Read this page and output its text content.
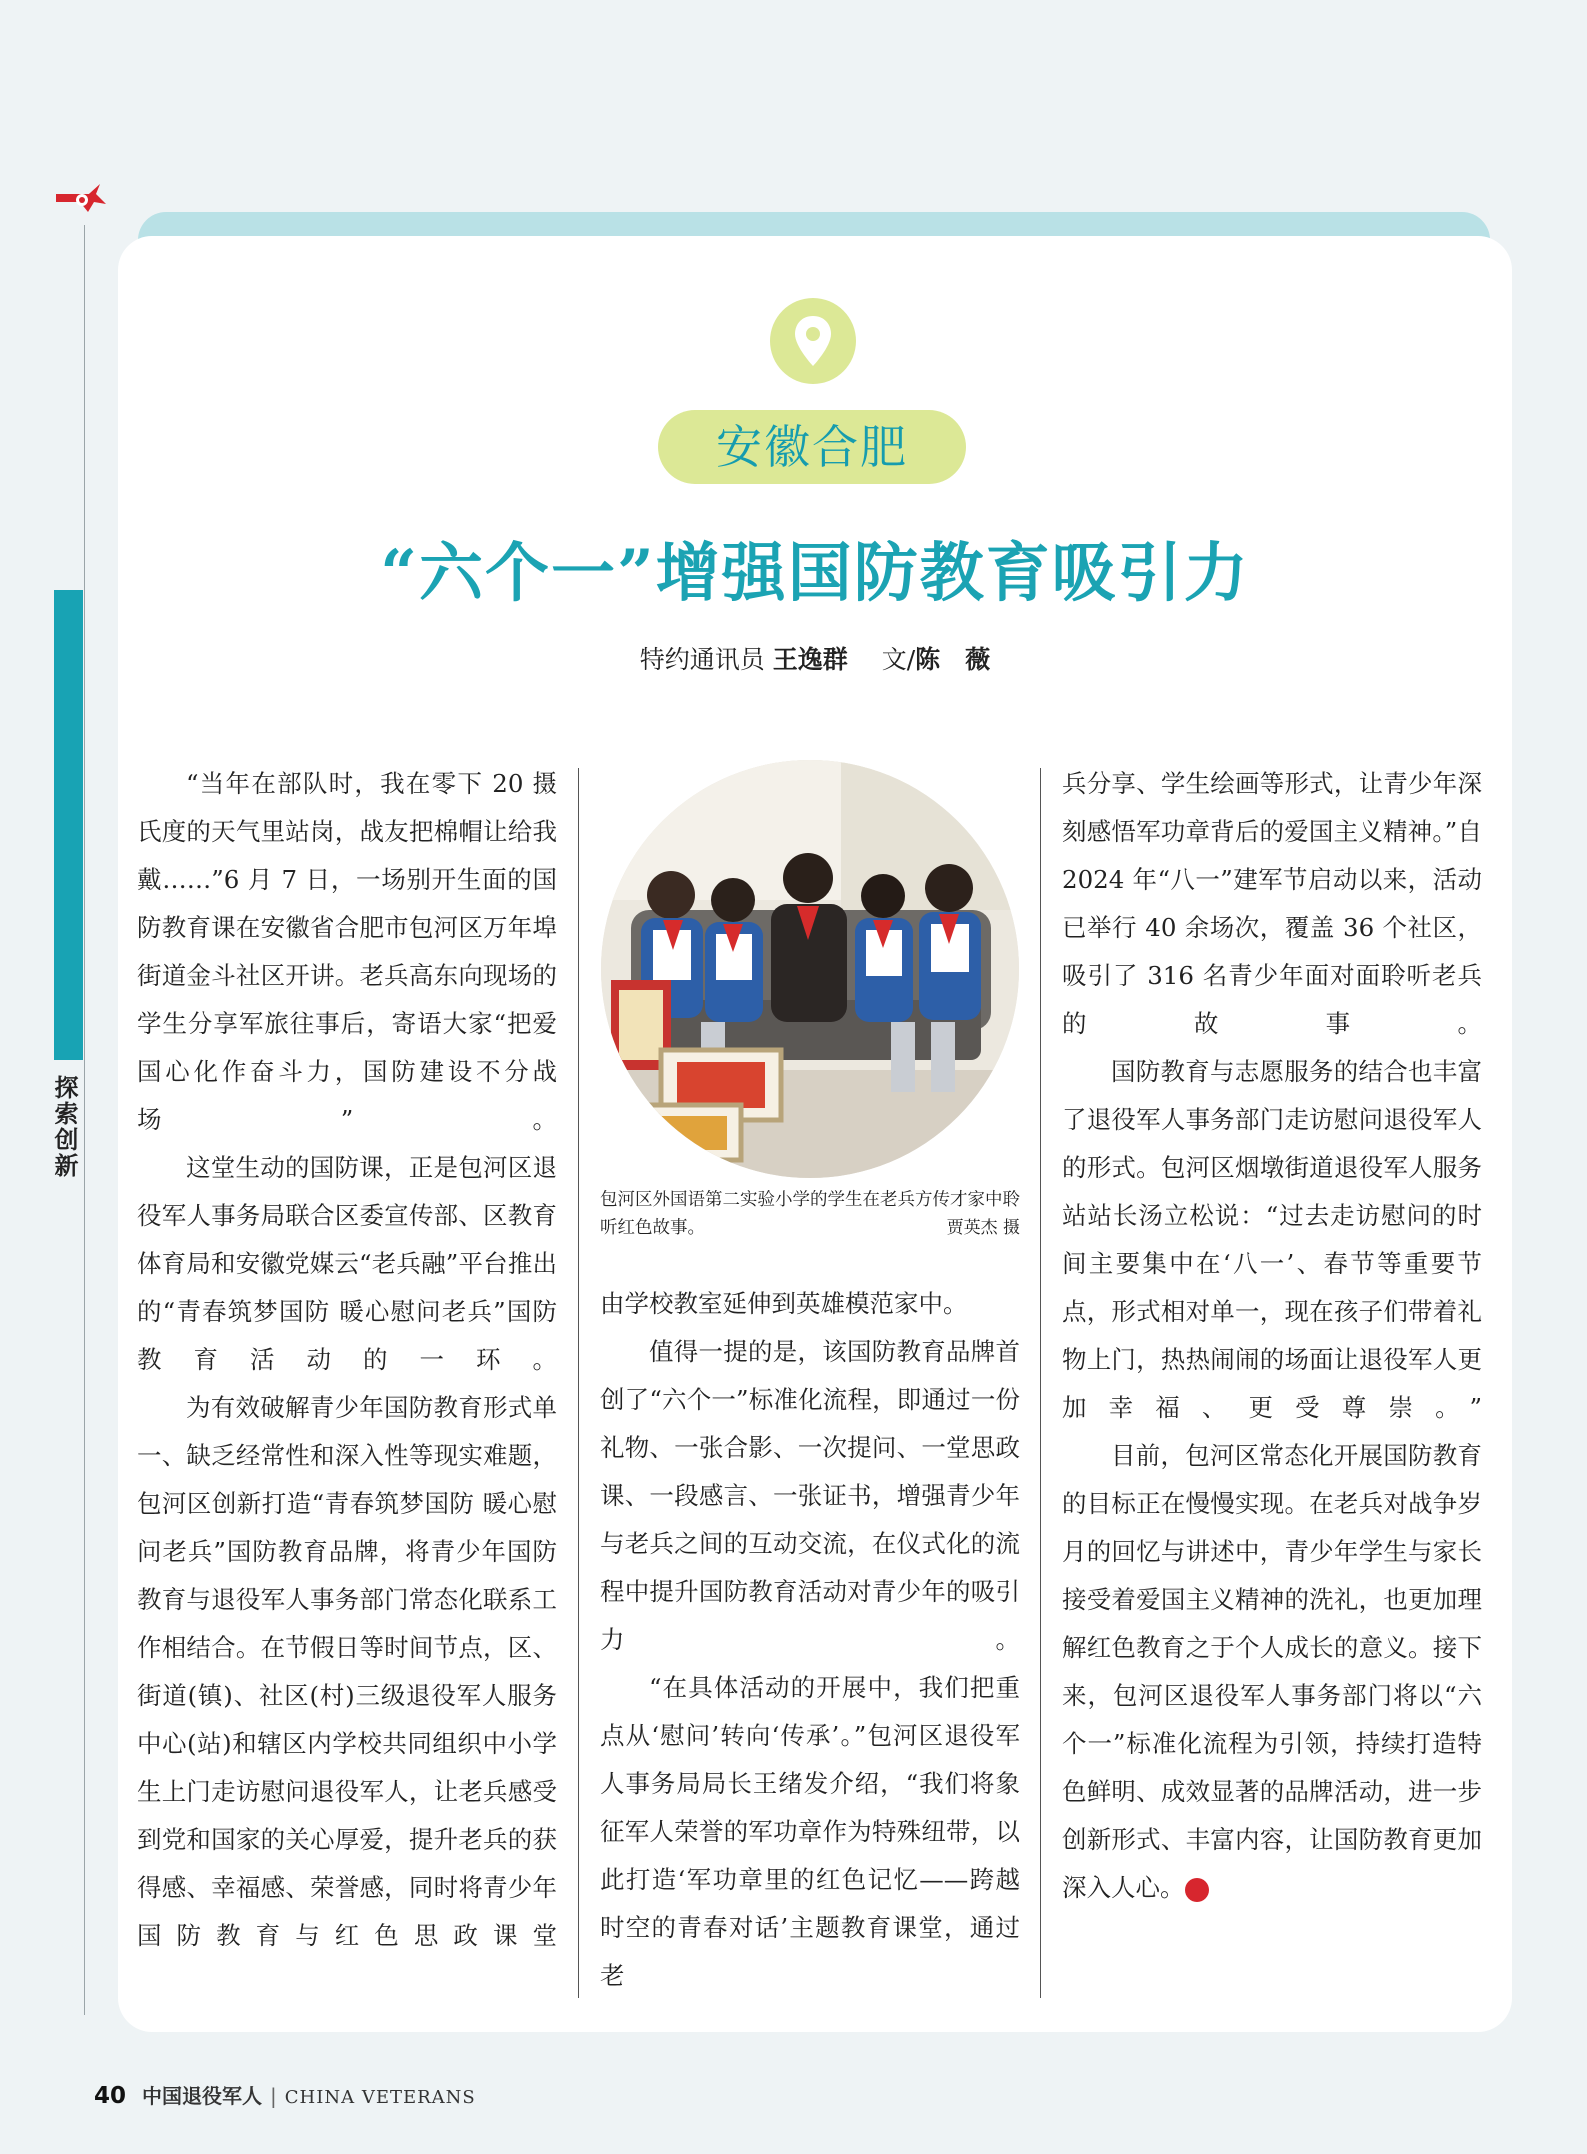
探索创新
安徽合肥
“六个一”增强国防教育吸引力
特约通讯员 王逸群 文/陈　薇

“当年在部队时，我在零下 20 摄氏度的天气里站岗，战友把棉帽让给我戴……”6 月 7 日，一场别开生面的国防教育课在安徽省合肥市包河区万年埠街道金斗社区开讲。老兵高东向现场的学生分享军旅往事后，寄语大家“把爱国心化作奋斗力，国防建设不分战场”。

这堂生动的国防课，正是包河区退役军人事务局联合区委宣传部、区教育体育局和安徽党媒云“老兵融”平台推出的“青春筑梦国防 暖心慰问老兵”国防教育活动的一环。

为有效破解青少年国防教育形式单一、缺乏经常性和深入性等现实难题，包河区创新打造“青春筑梦国防 暖心慰问老兵”国防教育品牌，将青少年国防教育与退役军人事务部门常态化联系工作相结合。在节假日等时间节点，区、街道(镇)、社区(村)三级退役军人服务中心(站)和辖区内学校共同组织中小学生上门走访慰问退役军人，让老兵感受到党和国家的关心厚爱，提升老兵的获得感、幸福感、荣誉感，同时将青少年国防教育与红色思政课堂

包河区外国语第二实验小学的学生在老兵方传才家中聆听红色故事。	贾英杰 摄

由学校教室延伸到英雄模范家中。

值得一提的是，该国防教育品牌首创了“六个一”标准化流程，即通过一份礼物、一张合影、一次提问、一堂思政课、一段感言、一张证书，增强青少年与老兵之间的互动交流，在仪式化的流程中提升国防教育活动对青少年的吸引力。

“在具体活动的开展中，我们把重点从‘慰问’转向‘传承’。”包河区退役军人事务局局长王绪发介绍，“我们将象征军人荣誉的军功章作为特殊纽带，以此打造‘军功章里的红色记忆——跨越时空的青春对话’主题教育课堂，通过老

兵分享、学生绘画等形式，让青少年深刻感悟军功章背后的爱国主义精神。”自 2024 年“八一”建军节启动以来，活动已举行 40 余场次，覆盖 36 个社区，吸引了 316 名青少年面对面聆听老兵的故事。

国防教育与志愿服务的结合也丰富了退役军人事务部门走访慰问退役军人的形式。包河区烟墩街道退役军人服务站站长汤立松说：“过去走访慰问的时间主要集中在‘八一’、春节等重要节点，形式相对单一，现在孩子们带着礼物上门，热热闹闹的场面让退役军人更加幸福、更受尊崇。”

目前，包河区常态化开展国防教育的目标正在慢慢实现。在老兵对战争岁月的回忆与讲述中，青少年学生与家长接受着爱国主义精神的洗礼，也更加理解红色教育之于个人成长的意义。接下来，包河区退役军人事务部门将以“六个一”标准化流程为引领，持续打造特色鲜明、成效显著的品牌活动，进一步创新形式、丰富内容，让国防教育更加深入人心。	V

40 中国退役军人 | CHINA VETERANS
